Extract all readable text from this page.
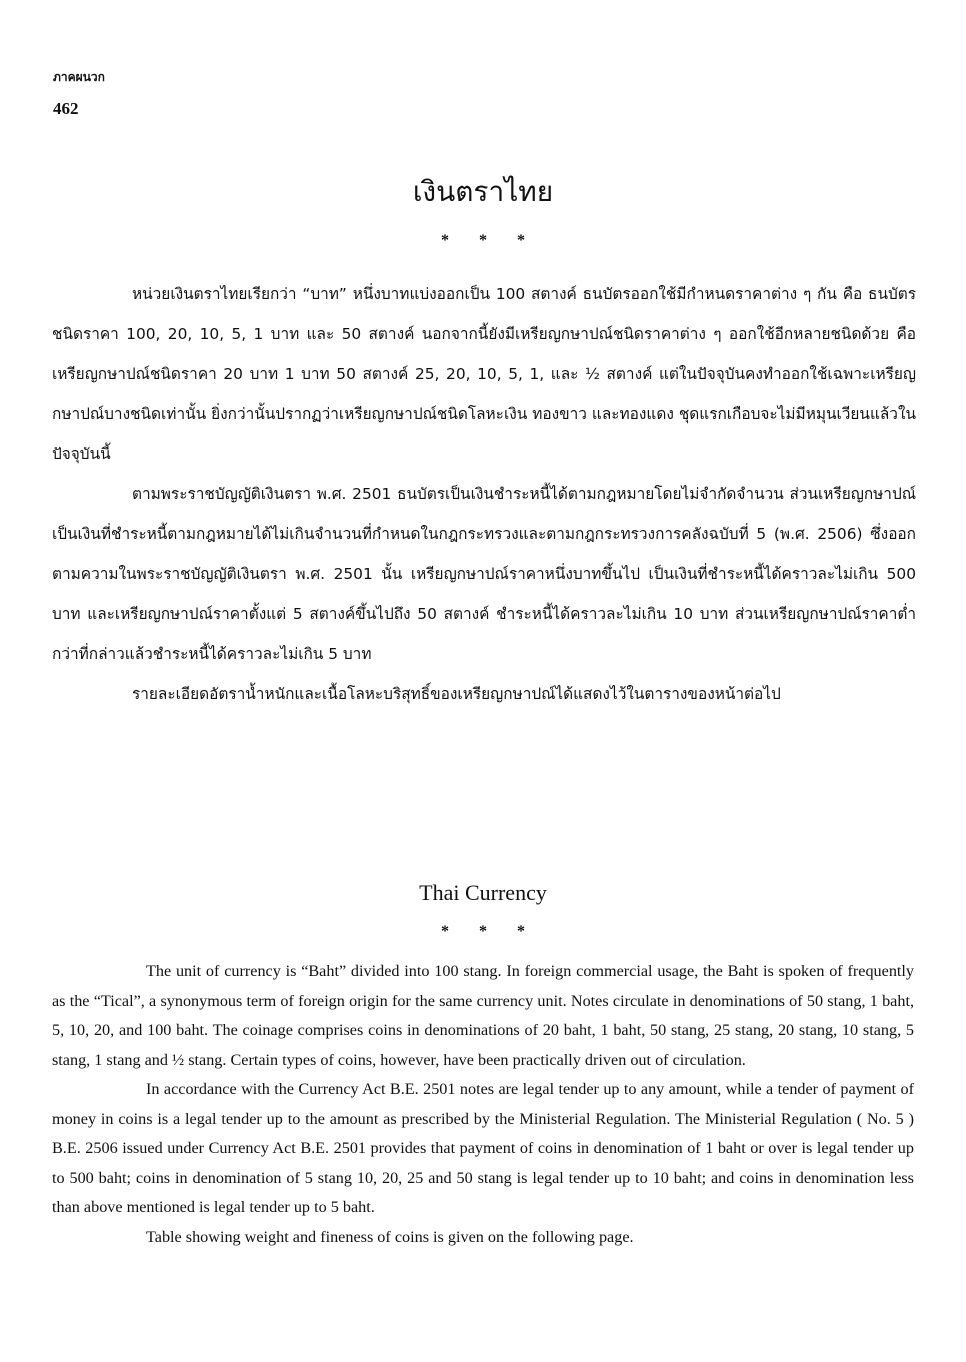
ภาคผนวก
462
เงินตราไทย
* * *

หน่วยเงินตราไทยเรียกว่า “บาท” หนึ่งบาทแบ่งออกเป็น 100 สตางค์ ธนบัตรออกใช้มีกำหนดราคาต่าง ๆ กัน คือ ธนบัตรชนิดราคา 100, 20, 10, 5, 1 บาท และ 50 สตางค์ นอกจากนี้ยังมีเหรียญกษาปณ์ชนิดราคาต่าง ๆ ออกใช้อีกหลายชนิดด้วย คือ เหรียญกษาปณ์ชนิดราคา 20 บาท 1 บาท 50 สตางค์ 25, 20, 10, 5, 1, และ ½ สตางค์ แต่ในปัจจุบันคงทำออกใช้เฉพาะเหรียญกษาปณ์บางชนิดเท่านั้น ยิ่งกว่านั้นปรากฏว่าเหรียญกษาปณ์ชนิดโลหะเงิน ทองขาว และทองแดง ชุดแรกเกือบจะไม่มีหมุนเวียนแล้วในปัจจุบันนี้

ตามพระราชบัญญัติเงินตรา พ.ศ. 2501 ธนบัตรเป็นเงินชำระหนี้ได้ตามกฎหมายโดยไม่จำกัดจำนวน ส่วนเหรียญกษาปณ์เป็นเงินที่ชำระหนี้ตามกฎหมายได้ไม่เกินจำนวนที่กำหนดในกฎกระทรวงและตามกฎกระทรวงการคลังฉบับที่ 5 (พ.ศ. 2506) ซึ่งออกตามความในพระราชบัญญัติเงินตรา พ.ศ. 2501 นั้น เหรียญกษาปณ์ราคาหนึ่งบาทขึ้นไป เป็นเงินที่ชำระหนี้ได้คราวละไม่เกิน 500 บาท และเหรียญกษาปณ์ราคาตั้งแต่ 5 สตางค์ขึ้นไปถึง 50 สตางค์ ชำระหนี้ได้คราวละไม่เกิน 10 บาท ส่วนเหรียญกษาปณ์ราคาต่ำกว่าที่กล่าวแล้วชำระหนี้ได้คราวละไม่เกิน 5 บาท

รายละเอียดอัตราน้ำหนักและเนื้อโลหะบริสุทธิ์ของเหรียญกษาปณ์ได้แสดงไว้ในตารางของหน้าต่อไป

Thai Currency
* * *

The unit of currency is “Baht” divided into 100 stang. In foreign commercial usage, the Baht is spoken of frequently as the “Tical”, a synonymous term of foreign origin for the same currency unit. Notes circulate in denominations of 50 stang, 1 baht, 5, 10, 20, and 100 baht. The coinage comprises coins in denominations of 20 baht, 1 baht, 50 stang, 25 stang, 20 stang, 10 stang, 5 stang, 1 stang and ½ stang. Certain types of coins, however, have been practically driven out of circulation.

In accordance with the Currency Act B.E. 2501 notes are legal tender up to any amount, while a tender of payment of money in coins is a legal tender up to the amount as prescribed by the Ministerial Regulation. The Ministerial Regulation ( No. 5 ) B.E. 2506 issued under Currency Act B.E. 2501 provides that payment of coins in denomination of 1 baht or over is legal tender up to 500 baht; coins in denomination of 5 stang 10, 20, 25 and 50 stang is legal tender up to 10 baht; and coins in denomination less than above mentioned is legal tender up to 5 baht.

Table showing weight and fineness of coins is given on the following page.
